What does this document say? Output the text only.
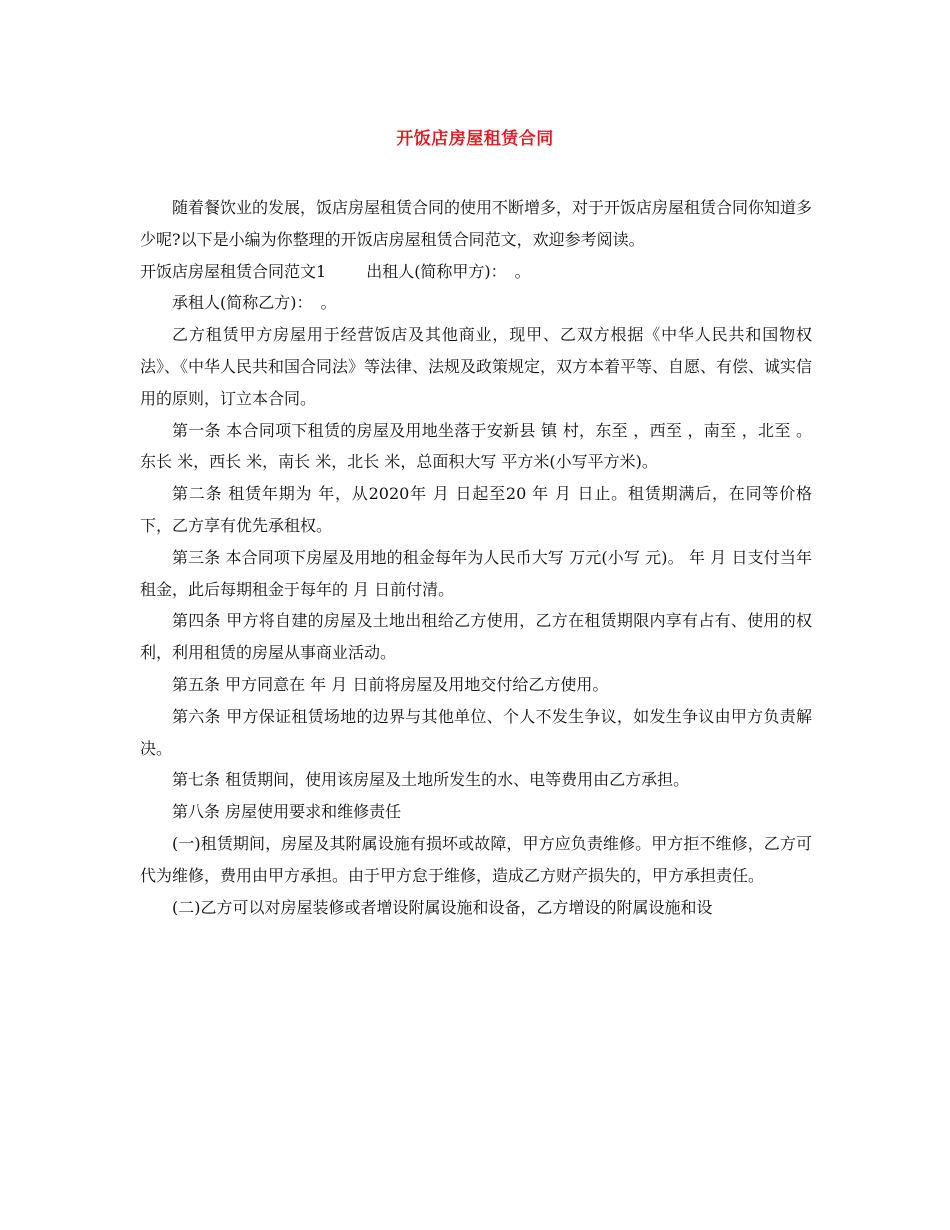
开饭店房屋租赁合同

随着餐饮业的发展，饭店房屋租赁合同的使用不断增多，对于开饭店房屋租赁合同你知道多少呢?以下是小编为你整理的开饭店房屋租赁合同范文，欢迎参考阅读。

开饭店房屋租赁合同范文1	出租人(简称甲方)：　。

承租人(简称乙方)：　。

乙方租赁甲方房屋用于经营饭店及其他商业，现甲、乙双方根据《中华人民共和国物权法》、《中华人民共和国合同法》等法律、法规及政策规定，双方本着平等、自愿、有偿、诚实信用的原则，订立本合同。

第一条 本合同项下租赁的房屋及用地坐落于安新县 镇 村，东至 ，西至 ，南至 ，北至 。东长 米，西长 米，南长 米，北长 米，总面积大写 平方米(小写平方米)。

第二条 租赁年期为 年，从2020年 月 日起至20 年 月 日止。租赁期满后，在同等价格下，乙方享有优先承租权。

第三条 本合同项下房屋及用地的租金每年为人民币大写 万元(小写 元)。 年 月 日支付当年租金，此后每期租金于每年的 月 日前付清。

第四条 甲方将自建的房屋及土地出租给乙方使用，乙方在租赁期限内享有占有、使用的权利，利用租赁的房屋从事商业活动。

第五条 甲方同意在 年 月 日前将房屋及用地交付给乙方使用。

第六条 甲方保证租赁场地的边界与其他单位、个人不发生争议，如发生争议由甲方负责解决。

第七条 租赁期间，使用该房屋及土地所发生的水、电等费用由乙方承担。

第八条 房屋使用要求和维修责任

(一)租赁期间，房屋及其附属设施有损坏或故障，甲方应负责维修。甲方拒不维修，乙方可代为维修，费用由甲方承担。由于甲方怠于维修，造成乙方财产损失的，甲方承担责任。

(二)乙方可以对房屋装修或者增设附属设施和设备，乙方增设的附属设施和设
